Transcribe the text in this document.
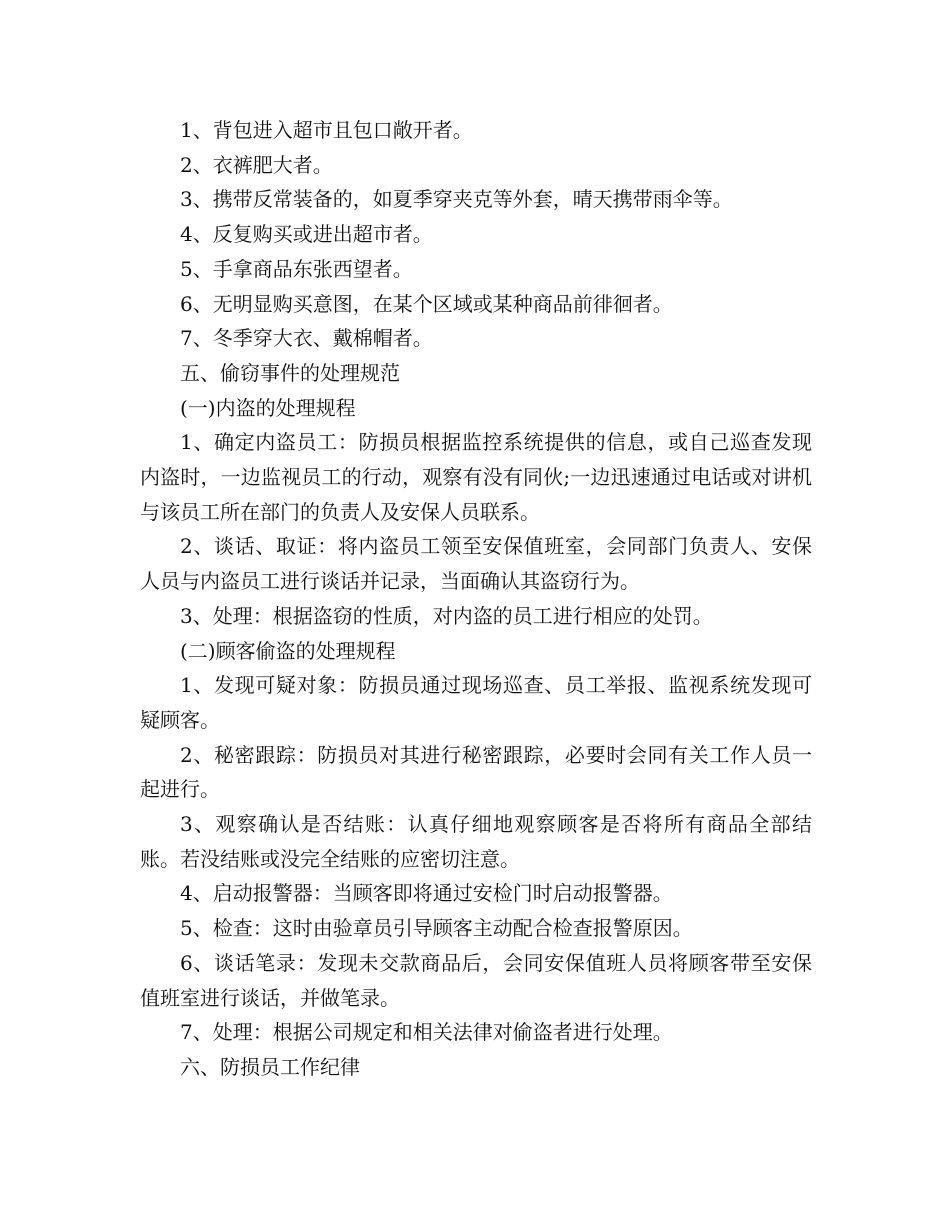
1、背包进入超市且包口敞开者。

2、衣裤肥大者。

3、携带反常装备的，如夏季穿夹克等外套，晴天携带雨伞等。

4、反复购买或进出超市者。

5、手拿商品东张西望者。

6、无明显购买意图，在某个区域或某种商品前徘徊者。

7、冬季穿大衣、戴棉帽者。

五、偷窃事件的处理规范

(一)内盗的处理规程

1、确定内盗员工：防损员根据监控系统提供的信息，或自己巡查发现内盗时，一边监视员工的行动，观察有没有同伙;一边迅速通过电话或对讲机与该员工所在部门的负责人及安保人员联系。

2、谈话、取证：将内盗员工领至安保值班室，会同部门负责人、安保人员与内盗员工进行谈话并记录，当面确认其盗窃行为。

3、处理：根据盗窃的性质，对内盗的员工进行相应的处罚。

(二)顾客偷盗的处理规程

1、发现可疑对象：防损员通过现场巡查、员工举报、监视系统发现可疑顾客。

2、秘密跟踪：防损员对其进行秘密跟踪，必要时会同有关工作人员一起进行。

3、观察确认是否结账：认真仔细地观察顾客是否将所有商品全部结账。若没结账或没完全结账的应密切注意。

4、启动报警器：当顾客即将通过安检门时启动报警器。

5、检查：这时由验章员引导顾客主动配合检查报警原因。

6、谈话笔录：发现未交款商品后，会同安保值班人员将顾客带至安保值班室进行谈话，并做笔录。

7、处理：根据公司规定和相关法律对偷盗者进行处理。

六、防损员工作纪律
